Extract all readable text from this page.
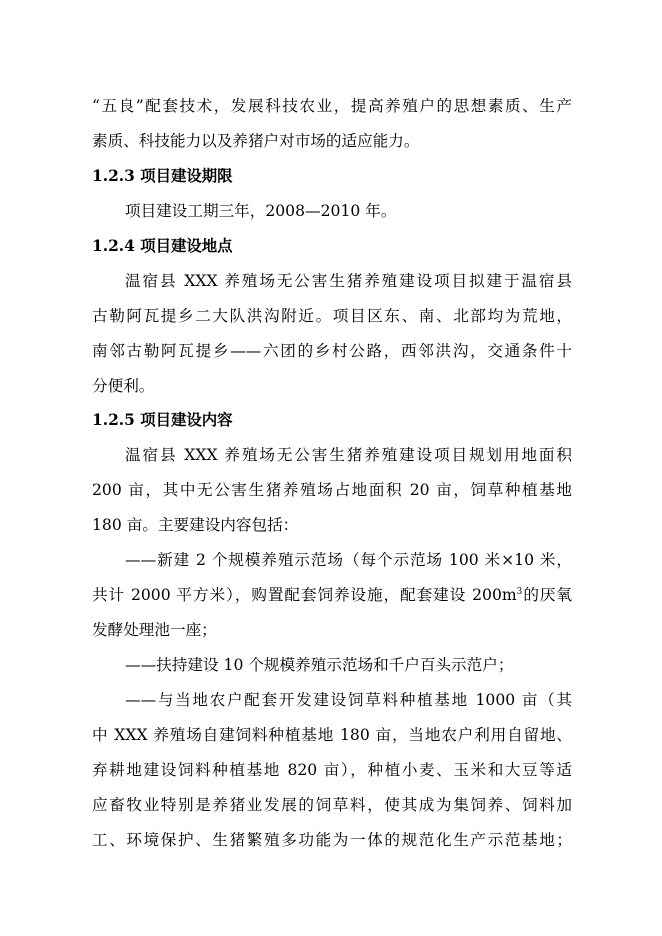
“五良”配套技术，发展科技农业，提高养殖户的思想素质、生产
素质、科技能力以及养猪户对市场的适应能力。
1.2.3 项目建设期限
项目建设工期三年，2008—2010 年。
1.2.4 项目建设地点
温宿县 XXX 养殖场无公害生猪养殖建设项目拟建于温宿县
古勒阿瓦提乡二大队洪沟附近。项目区东、南、北部均为荒地，
南邻古勒阿瓦提乡——六团的乡村公路，西邻洪沟，交通条件十
分便利。
1.2.5 项目建设内容
温宿县 XXX 养殖场无公害生猪养殖建设项目规划用地面积
200 亩，其中无公害生猪养殖场占地面积 20 亩，饲草种植基地
180 亩。主要建设内容包括：
——新建 2 个规模养殖示范场（每个示范场 100 米×10 米，
共计 2000 平方米），购置配套饲养设施，配套建设 $200m^3$的厌氧
发酵处理池一座；
——扶持建设 10 个规模养殖示范场和千户百头示范户；
——与当地农户配套开发建设饲草料种植基地 1000 亩（其
中 XXX 养殖场自建饲料种植基地 180 亩，当地农户利用自留地、
弃耕地建设饲料种植基地 820 亩），种植小麦、玉米和大豆等适
应畜牧业特别是养猪业发展的饲草料，使其成为集饲养、饲料加
工、环境保护、生猪繁殖多功能为一体的规范化生产示范基地；
